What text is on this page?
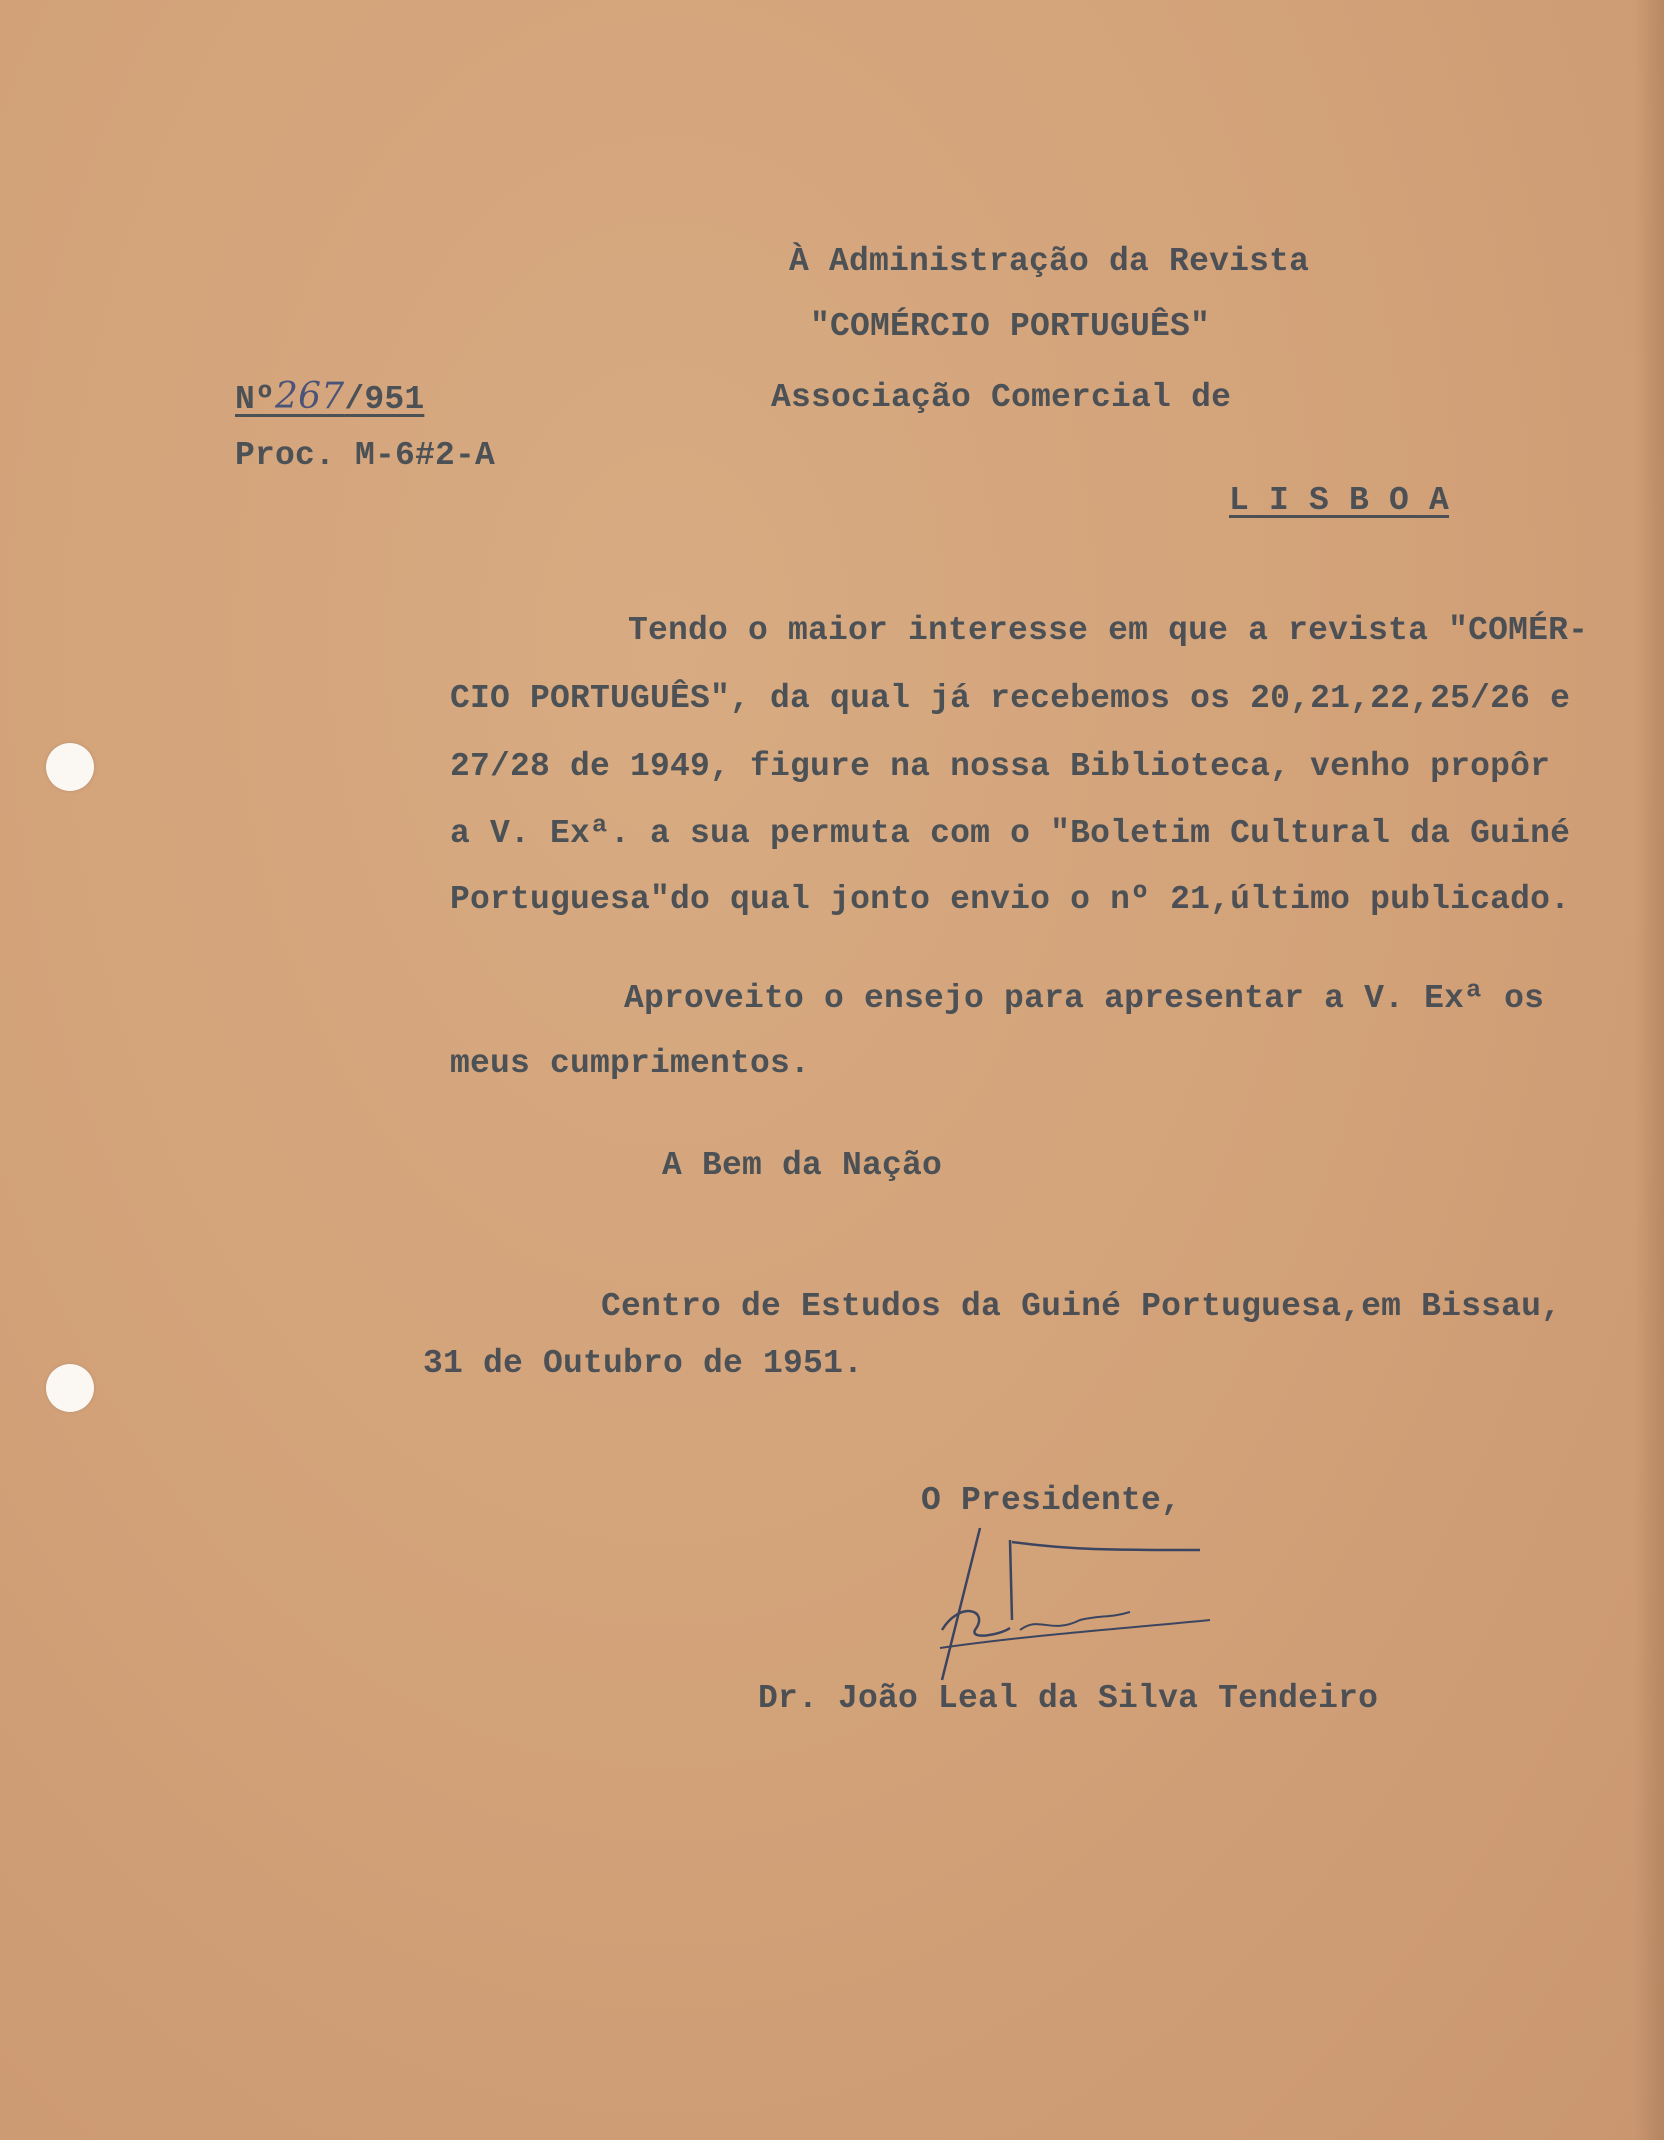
À Administração da Revista
"COMÉRCIO PORTUGUÊS"
Associação Comercial de
L I S B O A
Nº267/951
Proc. M-6#2-A
Tendo o maior interesse em que a revista "COMÉR-
CIO PORTUGUÊS", da qual já recebemos os 20,21,22,25/26 e
27/28 de 1949, figure na nossa Biblioteca, venho propôr
a V. Exª. a sua permuta com o "Boletim Cultural da Guiné
Portuguesa"do qual jonto envio o nº 21,último publicado.
Aproveito o ensejo para apresentar a V. Exª os
meus cumprimentos.
A Bem da Nação
Centro de Estudos da Guiné Portuguesa,em Bissau,
31 de Outubro de 1951.
O Presidente,
Dr. João Leal da Silva Tendeiro
